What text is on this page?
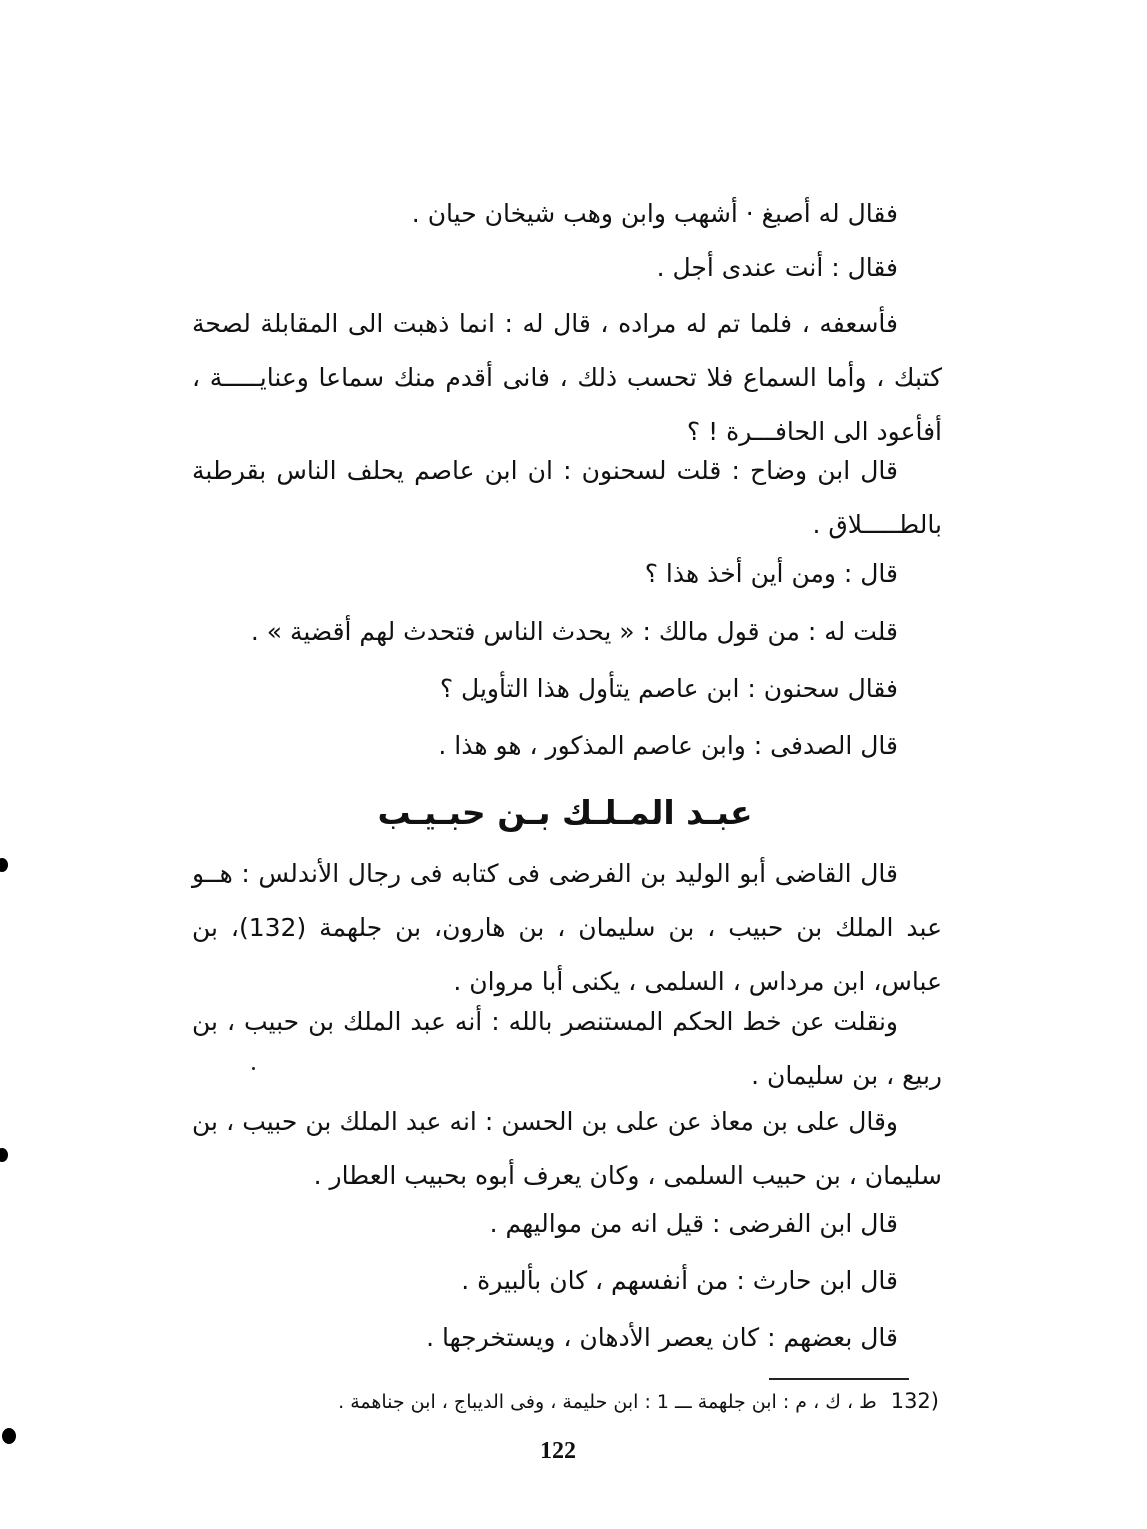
فقال له أصبغ · أشهب وابن وهب شيخان حيان .

فقال : أنت عندى أجل .

فأسعفه ، فلما تم له مراده ، قال له : انما ذهبت الى المقابلة لصحة كتبك ، وأما السماع فلا تحسب ذلك ، فانى أقدم منك سماعا وعنايـــــة ، أفأعود الى الحافـــرة ! ؟

قال ابن وضاح : قلت لسحنون : ان ابن عاصم يحلف الناس بقرطبة بالطـــــلاق .

قال : ومن أين أخذ هذا ؟

قلت له : من قول مالك : « يحدث الناس فتحدث لهم أقضية » .

فقال سحنون : ابن عاصم يتأول هذا التأويل ؟

قال الصدفى : وابن عاصم المذكور ، هو هذا .

عبـد المـلـك بـن حبـيـب

قال القاضى أبو الوليد بن الفرضى فى كتابه فى رجال الأندلس : هــو عبد الملك بن حبيب ، بن سليمان ، بن هارون، بن جلهمة (132)، بن عباس، ابن مرداس ، السلمى ، يكنى أبا مروان .

ونقلت عن خط الحكم المستنصر بالله : أنه عبد الملك بن حبيب ، بن ربيع ، بن سليمان .

وقال على بن معاذ عن على بن الحسن : انه عبد الملك بن حبيب ، بن سليمان ، بن حبيب السلمى ، وكان يعرف أبوه بحبيب العطار .

قال ابن الفرضى : قيل انه من مواليهم .

قال ابن حارث : من أنفسهم ، كان بألبيرة .

قال بعضهم : كان يعصر الأدهان ، ويستخرجها .

(132ط ، ك ، م : ابن جلهمة ـــ 1 : ابن حليمة ، وفى الديباج ، ابن جناهمة .

122
